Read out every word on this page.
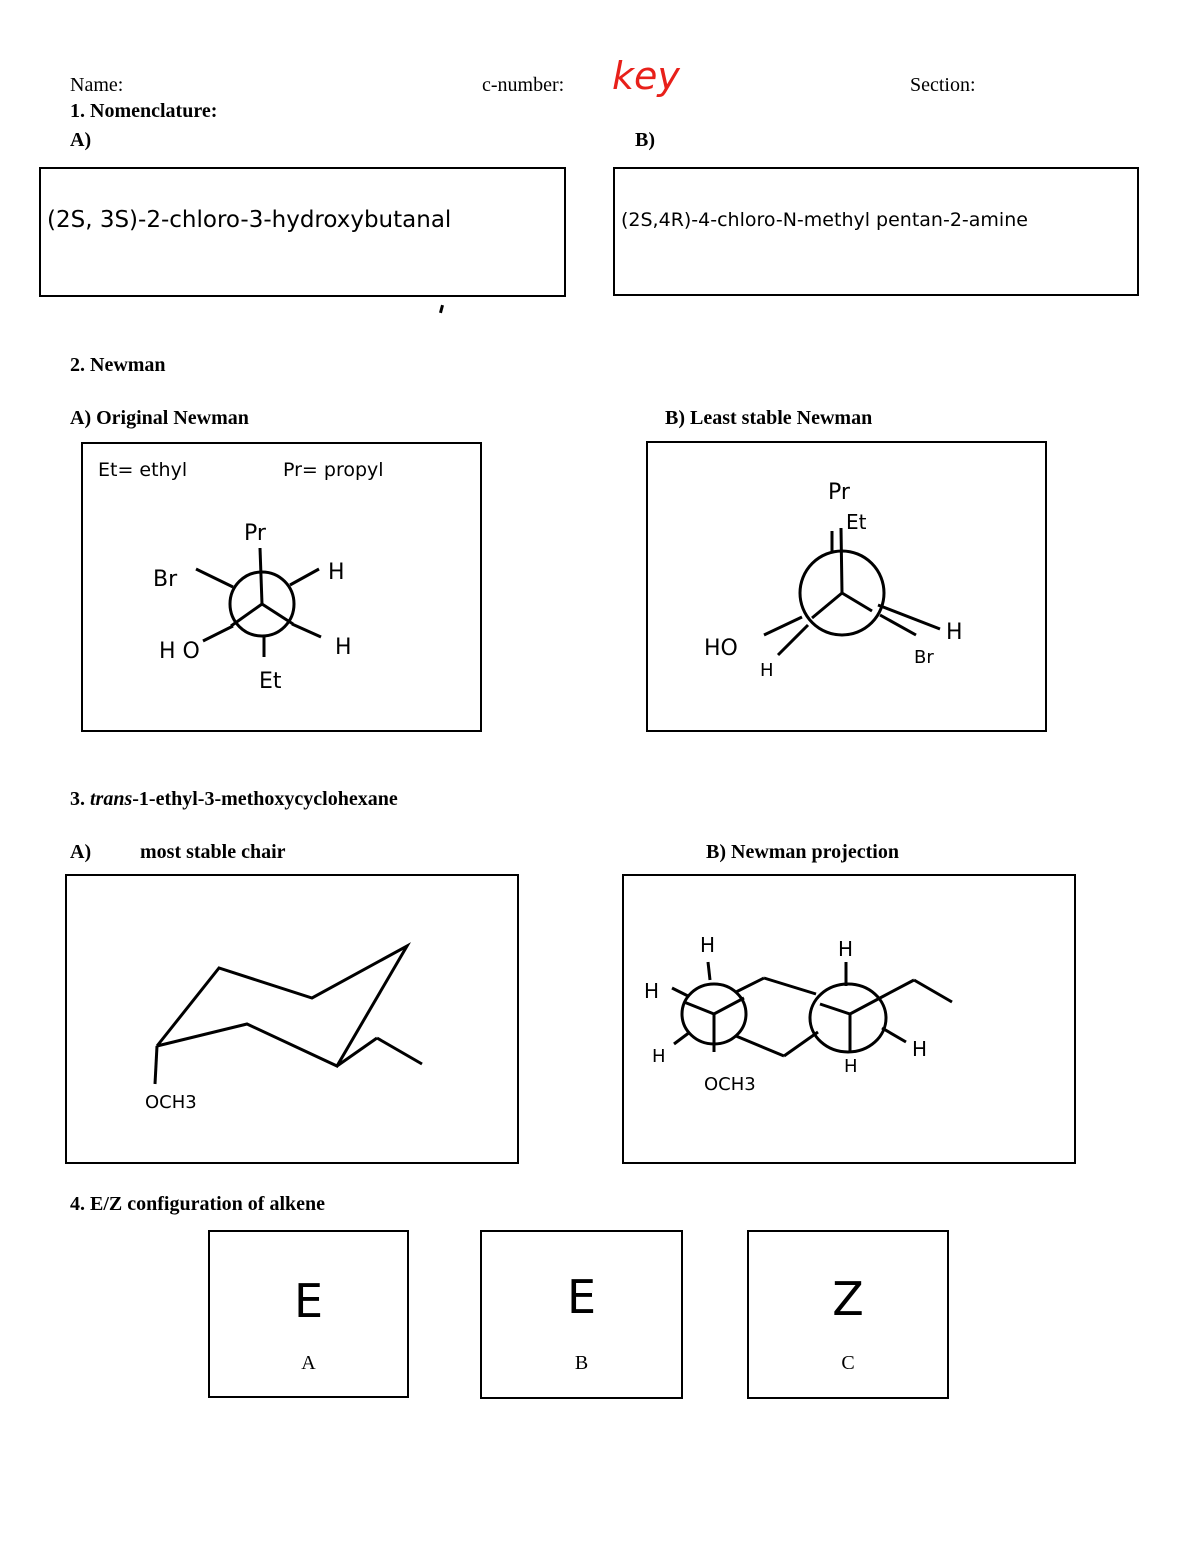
Name:	c-number: key	Section:
1. Nomenclature:
A)	B)
(2S, 3S)-2-chloro-3-hydroxybutanal	(2S,4R)-4-chloro-N-methyl pentan-2-amine
2. Newman
A) Original Newman	B) Least stable Newman
Et= ethyl	Pr= propyl
Pr
Br	H
H O	H
Et
Pr
Et
HO
H
H
Br
3. trans-1-ethyl-3-methoxycyclohexane
A) most stable chair	B) Newman projection
OCH3
H
H
H
OCH3
H
H
H
4. E/Z configuration of alkene
E
A
E
B
Z
C
